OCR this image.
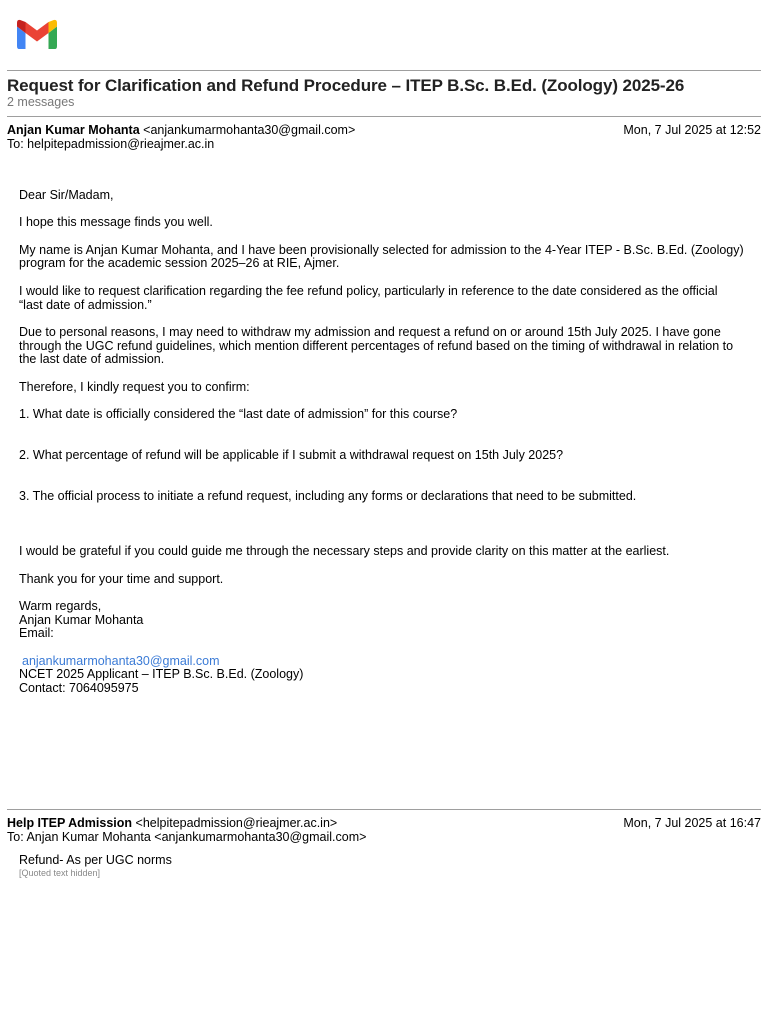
Request for Clarification and Refund Procedure – ITEP B.Sc. B.Ed. (Zoology) 2025-26
2 messages
Anjan Kumar Mohanta <anjankumarmohanta30@gmail.com>
To: helpitepadmission@rieajmer.ac.in
Mon, 7 Jul 2025 at 12:52

Dear Sir/Madam,

I hope this message finds you well.

My name is Anjan Kumar Mohanta, and I have been provisionally selected for admission to the 4-Year ITEP - B.Sc. B.Ed. (Zoology)

program for the academic session 2025–26 at RIE, Ajmer.

I would like to request clarification regarding the fee refund policy, particularly in reference to the date considered as the official

“last date of admission.”

Due to personal reasons, I may need to withdraw my admission and request a refund on or around 15th July 2025. I have gone

through the UGC refund guidelines, which mention different percentages of refund based on the timing of withdrawal in relation to

the last date of admission.

Therefore, I kindly request you to confirm:

1. What date is officially considered the “last date of admission” for this course?

2. What percentage of refund will be applicable if I submit a withdrawal request on 15th July 2025?

3. The official process to initiate a refund request, including any forms or declarations that need to be submitted.

I would be grateful if you could guide me through the necessary steps and provide clarity on this matter at the earliest.

Thank you for your time and support.

Warm regards,

Anjan Kumar Mohanta

Email:

anjankumarmohanta30@gmail.com

NCET 2025 Applicant – ITEP B.Sc. B.Ed. (Zoology)

Contact: 7064095975

Help ITEP Admission <helpitepadmission@rieajmer.ac.in>
To: Anjan Kumar Mohanta <anjankumarmohanta30@gmail.com>
Mon, 7 Jul 2025 at 16:47

Refund- As per UGC norms

[Quoted text hidden]
